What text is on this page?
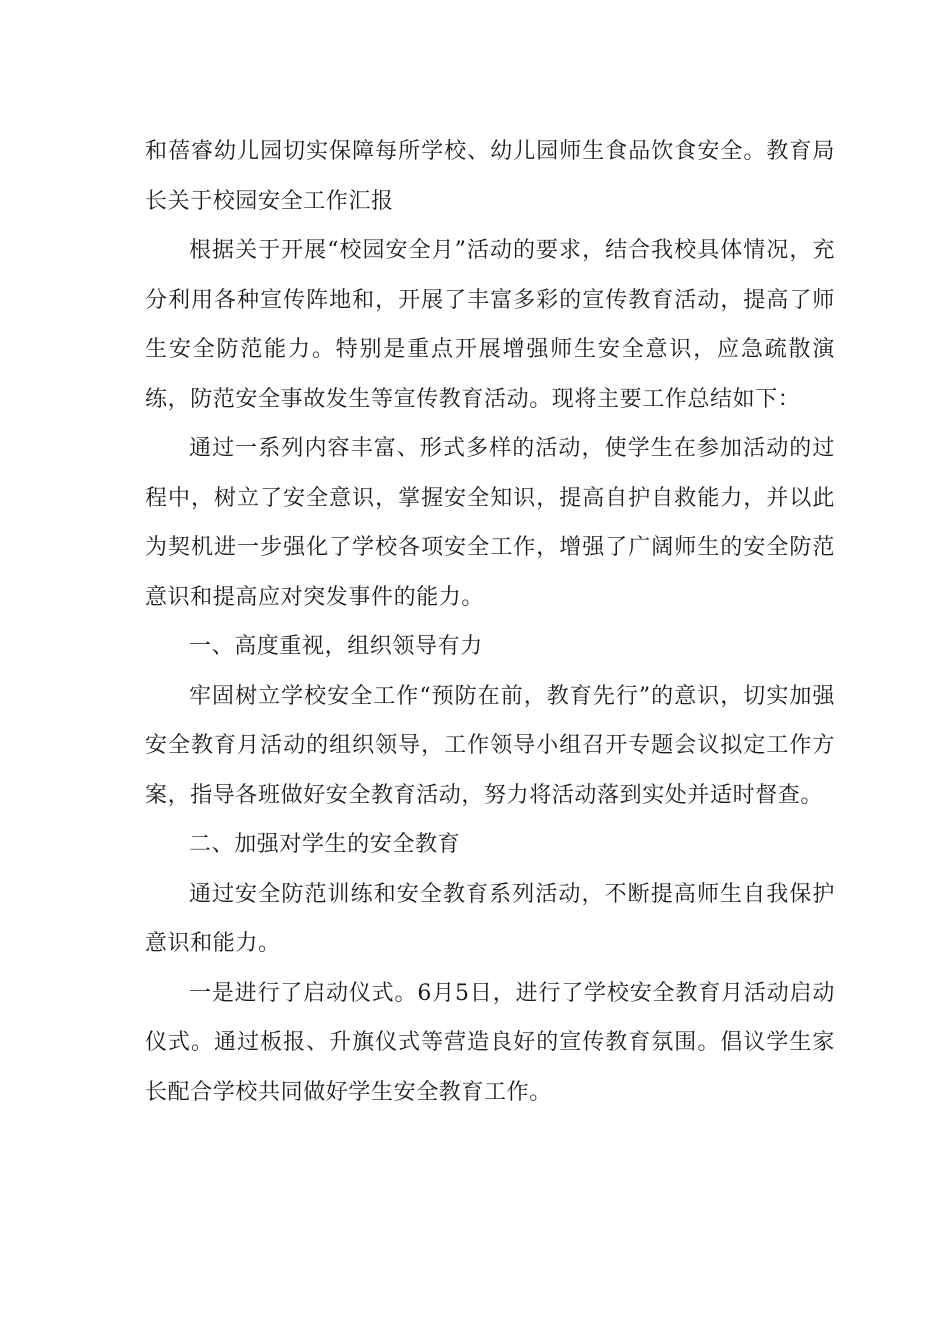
和蓓睿幼儿园切实保障每所学校、幼儿园师生食品饮食安全。教育局长关于校园安全工作汇报

根据关于开展“校园安全月”活动的要求，结合我校具体情况，充分利用各种宣传阵地和，开展了丰富多彩的宣传教育活动，提高了师生安全防范能力。特别是重点开展增强师生安全意识，应急疏散演练，防范安全事故发生等宣传教育活动。现将主要工作总结如下：

通过一系列内容丰富、形式多样的活动，使学生在参加活动的过程中，树立了安全意识，掌握安全知识，提高自护自救能力，并以此为契机进一步强化了学校各项安全工作，增强了广阔师生的安全防范意识和提高应对突发事件的能力。

一、高度重视，组织领导有力

牢固树立学校安全工作“预防在前，教育先行”的意识，切实加强安全教育月活动的组织领导，工作领导小组召开专题会议拟定工作方案，指导各班做好安全教育活动，努力将活动落到实处并适时督查。

二、加强对学生的安全教育

通过安全防范训练和安全教育系列活动，不断提高师生自我保护意识和能力。

一是进行了启动仪式。6月5日，进行了学校安全教育月活动启动仪式。通过板报、升旗仪式等营造良好的宣传教育氛围。倡议学生家长配合学校共同做好学生安全教育工作。
